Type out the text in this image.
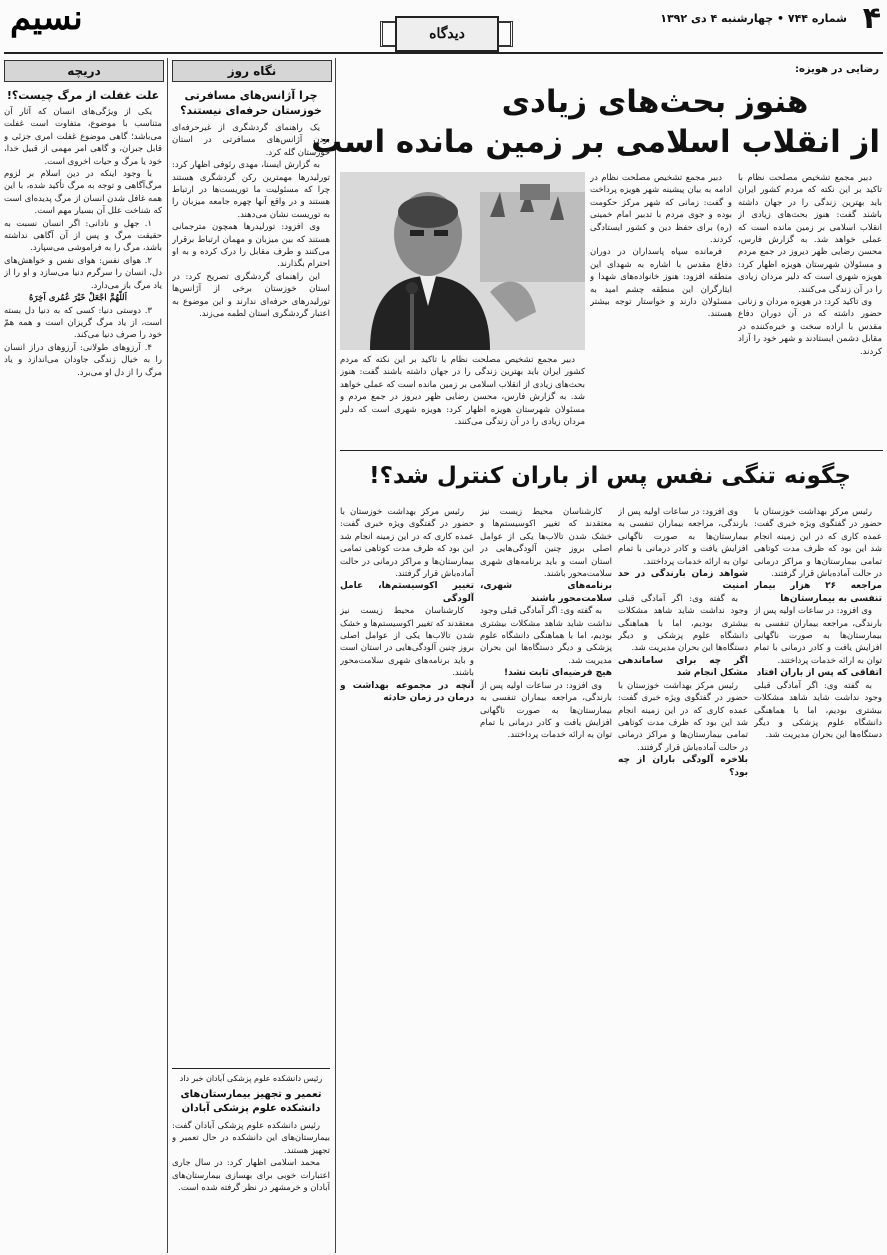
۴
شماره ۷۴۴ • چهارشنبه ۴ دی ۱۳۹۲
دیدگاه
نسیم
رضایی در هویزه:
هنوز بحث‌های زیادی
از انقلاب اسلامی بر زمین مانده است

دبیر مجمع تشخیص مصلحت نظام با تاکید بر این نکته که مردم کشور ایران باید بهترین زندگی را در جهان داشته باشند گفت: هنوز بحث‌های زیادی از انقلاب اسلامی بر زمین مانده است که عملی خواهد شد. به گزارش فارس، محسن رضایی ظهر دیروز در جمع مردم و مسئولان شهرستان هویزه اظهار کرد: هویزه شهری است که دلیر مردان زیادی را در آن زندگی می‌کنند.

وی تاکید کرد: در هویزه مردان و زنانی حضور داشته که در آن دوران دفاع مقدس با اراده سخت و خیره‌کننده در مقابل دشمن ایستادند و شهر خود را آزاد کردند.

دبیر مجمع تشخیص مصلحت نظام در ادامه به بیان پیشینه شهر هویزه پرداخت و گفت: زمانی که شهر مرکز حکومت بوده و جوی مردم با تدبیر امام خمینی (ره) برای حفظ دین و کشور ایستادگی کردند.

فرمانده سپاه پاسداران در دوران دفاع مقدس با اشاره به شهدای این منطقه افزود: هنوز خانواده‌های شهدا و ایثارگران این منطقه چشم امید به مسئولان دارند و خواستار توجه بیشتر هستند.

دبیر مجمع تشخیص مصلحت نظام با تاکید بر این نکته که مردم کشور ایران باید بهترین زندگی را در جهان داشته باشند گفت: هنوز بحث‌های زیادی از انقلاب اسلامی بر زمین مانده است که عملی خواهد شد. به گزارش فارس، محسن رضایی ظهر دیروز در جمع مردم و مسئولان شهرستان هویزه اظهار کرد: هویزه شهری است که دلیر مردان زیادی را در آن زندگی می‌کنند.

چگونه تنگی نفس پس از باران کنترل شد؟!

رئیس مرکز بهداشت خوزستان با حضور در گفتگوی ویژه خبری گفت: عمده کاری که در این زمینه انجام شد این بود که ظرف مدت کوتاهی تمامی بیمارستان‌ها و مراکز درمانی در حالت آماده‌باش قرار گرفتند.

مراجعه ۲۶ هزار بیمار تنفسی به بیمارستان‌ها

وی افزود: در ساعات اولیه پس از بارندگی، مراجعه بیماران تنفسی به بیمارستان‌ها به صورت ناگهانی افزایش یافت و کادر درمانی با تمام توان به ارائه خدمات پرداختند.

اتفاقی که پس از باران افتاد

به گفته وی: اگر آمادگی قبلی وجود نداشت شاید شاهد مشکلات بیشتری بودیم، اما با هماهنگی دانشگاه علوم پزشکی و دیگر دستگاه‌ها این بحران مدیریت شد.

وی افزود: در ساعات اولیه پس از بارندگی، مراجعه بیماران تنفسی به بیمارستان‌ها به صورت ناگهانی افزایش یافت و کادر درمانی با تمام توان به ارائه خدمات پرداختند.

شواهد زمان بارندگی در حد امنیت

به گفته وی: اگر آمادگی قبلی وجود نداشت شاید شاهد مشکلات بیشتری بودیم، اما با هماهنگی دانشگاه علوم پزشکی و دیگر دستگاه‌ها این بحران مدیریت شد.

اگر چه برای ساماندهی مشکل انجام شد

رئیس مرکز بهداشت خوزستان با حضور در گفتگوی ویژه خبری گفت: عمده کاری که در این زمینه انجام شد این بود که ظرف مدت کوتاهی تمامی بیمارستان‌ها و مراکز درمانی در حالت آماده‌باش قرار گرفتند.

بلاخره آلودگی باران از چه بود؟

کارشناسان محیط زیست نیز معتقدند که تغییر اکوسیستم‌ها و خشک شدن تالاب‌ها یکی از عوامل اصلی بروز چنین آلودگی‌هایی در استان است و باید برنامه‌های شهری سلامت‌محور باشند.

برنامه‌های شهری، سلامت‌محور باشند

به گفته وی: اگر آمادگی قبلی وجود نداشت شاید شاهد مشکلات بیشتری بودیم، اما با هماهنگی دانشگاه علوم پزشکی و دیگر دستگاه‌ها این بحران مدیریت شد.

هیچ فرضیه‌ای ثابت نشد!

وی افزود: در ساعات اولیه پس از بارندگی، مراجعه بیماران تنفسی به بیمارستان‌ها به صورت ناگهانی افزایش یافت و کادر درمانی با تمام توان به ارائه خدمات پرداختند.

رئیس مرکز بهداشت خوزستان با حضور در گفتگوی ویژه خبری گفت: عمده کاری که در این زمینه انجام شد این بود که ظرف مدت کوتاهی تمامی بیمارستان‌ها و مراکز درمانی در حالت آماده‌باش قرار گرفتند.

تغییر اکوسیستم‌ها، عامل آلودگی

کارشناسان محیط زیست نیز معتقدند که تغییر اکوسیستم‌ها و خشک شدن تالاب‌ها یکی از عوامل اصلی بروز چنین آلودگی‌هایی در استان است و باید برنامه‌های شهری سلامت‌محور باشند.

آنچه در مجموعه بهداشت و درمان در زمان حادثه

نگاه روز
چرا آژانس‌های مسافرتی خوزستان حرفه‌ای نیستند؟

یک راهنمای گردشگری از غیرحرفه‌ای بودن آژانس‌های مسافرتی در استان خوزستان گله کرد.

به گزارش ایسنا، مهدی رئوفی اظهار کرد: تورلیدرها مهمترین رکن گردشگری هستند چرا که مسئولیت ما توریست‌ها در ارتباط هستند و در واقع آنها چهره جامعه میزبان را به توریست نشان می‌دهند.

وی افزود: تورلیدرها همچون مترجمانی هستند که بین میزبان و مهمان ارتباط برقرار می‌کنند و طرف مقابل را درک کرده و به او احترام بگذارند.

این راهنمای گردشگری تصریح کرد: در استان خوزستان برخی از آژانس‌ها تورلیدرهای حرفه‌ای ندارند و این موضوع به اعتبار گردشگری استان لطمه می‌زند.

رئیس دانشکده علوم پزشکی آبادان خبر داد
تعمیر و تجهیز بیمارستان‌های دانشکده علوم پزشکی آبادان

رئیس دانشکده علوم پزشکی آبادان گفت: بیمارستان‌های این دانشکده در حال تعمیر و تجهیز هستند.

محمد اسلامی اظهار کرد: در سال جاری اعتبارات خوبی برای بهسازی بیمارستان‌های آبادان و خرمشهر در نظر گرفته شده است.

دریچه
علت غفلت از مرگ چیست؟!

یکی از ویژگی‌های انسان که آثار آن متناسب با موضوع، متفاوت است غفلت می‌باشد؛ گاهی موضوع غفلت امری جزئی و قابل جبران، و گاهی امر مهمی از قبیل خدا، خود یا مرگ و حیات اخروی است.

با وجود اینکه در دین اسلام بر لزوم مرگ‌آگاهی و توجه به مرگ تأکید شده، با این همه غافل شدن انسان از مرگ پدیده‌ای است که شناخت علل آن بسیار مهم است.

۱. جهل و نادانی: اگر انسان نسبت به حقیقت مرگ و پس از آن آگاهی نداشته باشد، مرگ را به فراموشی می‌سپارد.

۲. هوای نفس: هوای نفس و خواهش‌های دل، انسان را سرگرم دنیا می‌سازد و او را از یاد مرگ باز می‌دارد.

اَللّهُمَّ اجْعَلْ خَیْرَ عُمُری آخِرَهُ

۳. دوستی دنیا: کسی که به دنیا دل بسته است، از یاد مرگ گریزان است و همه همّ خود را صرف دنیا می‌کند.

۴. آرزوهای طولانی: آرزوهای دراز انسان را به خیال زندگی جاودان می‌اندازد و یاد مرگ را از دل او می‌برد.
